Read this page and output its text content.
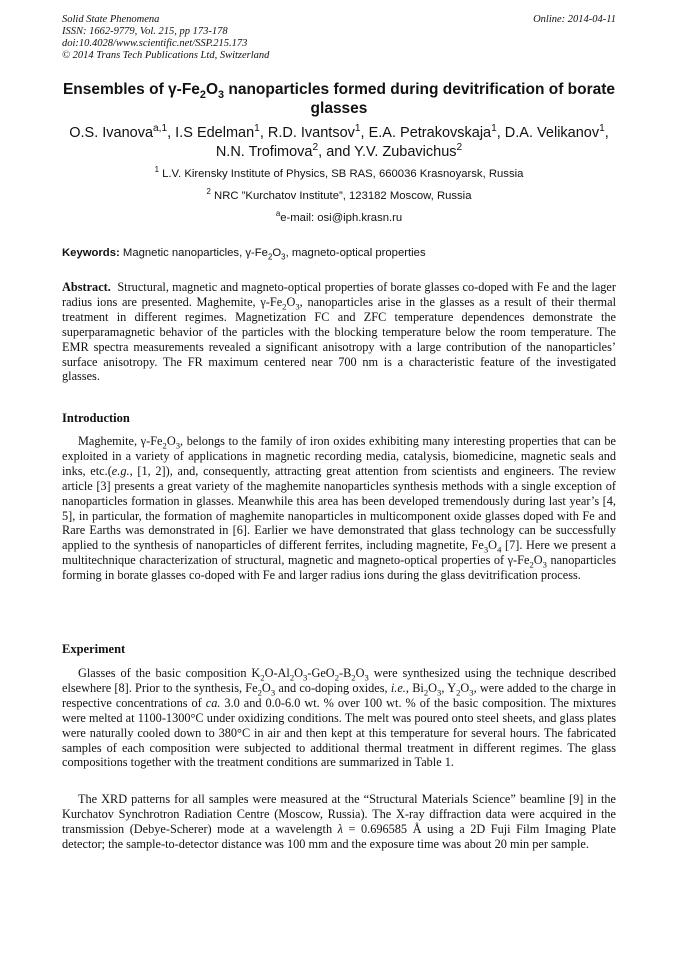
Solid State Phenomena
ISSN: 1662-9779, Vol. 215, pp 173-178
doi:10.4028/www.scientific.net/SSP.215.173
© 2014 Trans Tech Publications Ltd, Switzerland
Online: 2014-04-11
Ensembles of $\gamma-Fe_2O_3$ nanoparticles formed during devitrification of borate glasses
O.S. Ivanova$^{a,1}$, I.S Edelman$^1$, R.D. Ivantsov$^1$, E.A. Petrakovskaja$^1$, D.A. Velikanov$^1$, N.N. Trofimova$^2$, and Y.V. Zubavichus$^2$
$^1$ L.V. Kirensky Institute of Physics, SB RAS, 660036 Krasnoyarsk, Russia
$^2$ NRC ”Kurchatov Institute”, 123182 Moscow, Russia
$^a$e-mail: osi@iph.krasn.ru
Keywords: Magnetic nanoparticles, $\gamma-Fe_2O_3$, magneto-optical properties
Abstract.  Structural, magnetic and magneto-optical properties of borate glasses co-doped with Fe and the lager radius ions are presented. Maghemite, $\gamma-Fe_2O_3$, nanoparticles arise in the glasses as a result of their thermal treatment in different regimes. Magnetization FC and ZFC temperature dependences demonstrate the superparamagnetic behavior of the particles with the blocking temperature below the room temperature. The EMR spectra measurements revealed a significant anisotropy with a large contribution of the nanoparticles’ surface anisotropy. The FR maximum centered near 700 nm is a characteristic feature of the investigated glasses.
Introduction
Maghemite, $\gamma-Fe_2O_3$, belongs to the family of iron oxides exhibiting many interesting properties that can be exploited in a variety of applications in magnetic recording media, catalysis, biomedicine, magnetic seals and inks, etc.(e.g., [1, 2]), and, consequently, attracting great attention from scientists and engineers. The review article [3] presents a great variety of the maghemite nanoparticles synthesis methods with a single exception of nanoparticles formation in glasses. Meanwhile this area has been developed tremendously during last year’s [4, 5], in particular, the formation of maghemite nanoparticles in multicomponent oxide glasses doped with Fe and Rare Earths was demonstrated in [6]. Earlier we have demonstrated that glass technology can be successfully applied to the synthesis of nanoparticles of different ferrites, including magnetite, $Fe_3O_4$ [7]. Here we present a multitechnique characterization of structural, magnetic and magneto-optical properties of $\gamma-Fe_2O_3$ nanoparticles forming in borate glasses co-doped with Fe and larger radius ions during the glass devitrification process.
Experiment
Glasses of the basic composition $K_2O-Al_2O_3-GeO_2-B_2O_3$ were synthesized using the technique described elsewhere [8]. Prior to the synthesis, $Fe_2O_3$ and co-doping oxides, i.e., $Bi_2O_3$, $Y_2O_3$, were added to the charge in respective concentrations of ca. 3.0 and 0.0-6.0 wt. % over 100 wt. % of the basic composition. The mixtures were melted at 1100-1300°C under oxidizing conditions. The melt was poured onto steel sheets, and glass plates were naturally cooled down to 380°C in air and then kept at this temperature for several hours. The fabricated samples of each composition were subjected to additional thermal treatment in different regimes. The glass compositions together with the treatment conditions are summarized in Table 1.
The XRD patterns for all samples were measured at the “Structural Materials Science” beamline [9] in the Kurchatov Synchrotron Radiation Centre (Moscow, Russia). The X-ray diffraction data were acquired in the transmission (Debye-Scherer) mode at a wavelength λ = 0.696585 Å using a 2D Fuji Film Imaging Plate detector; the sample-to-detector distance was 100 mm and the exposure time was about 20 min per sample.
